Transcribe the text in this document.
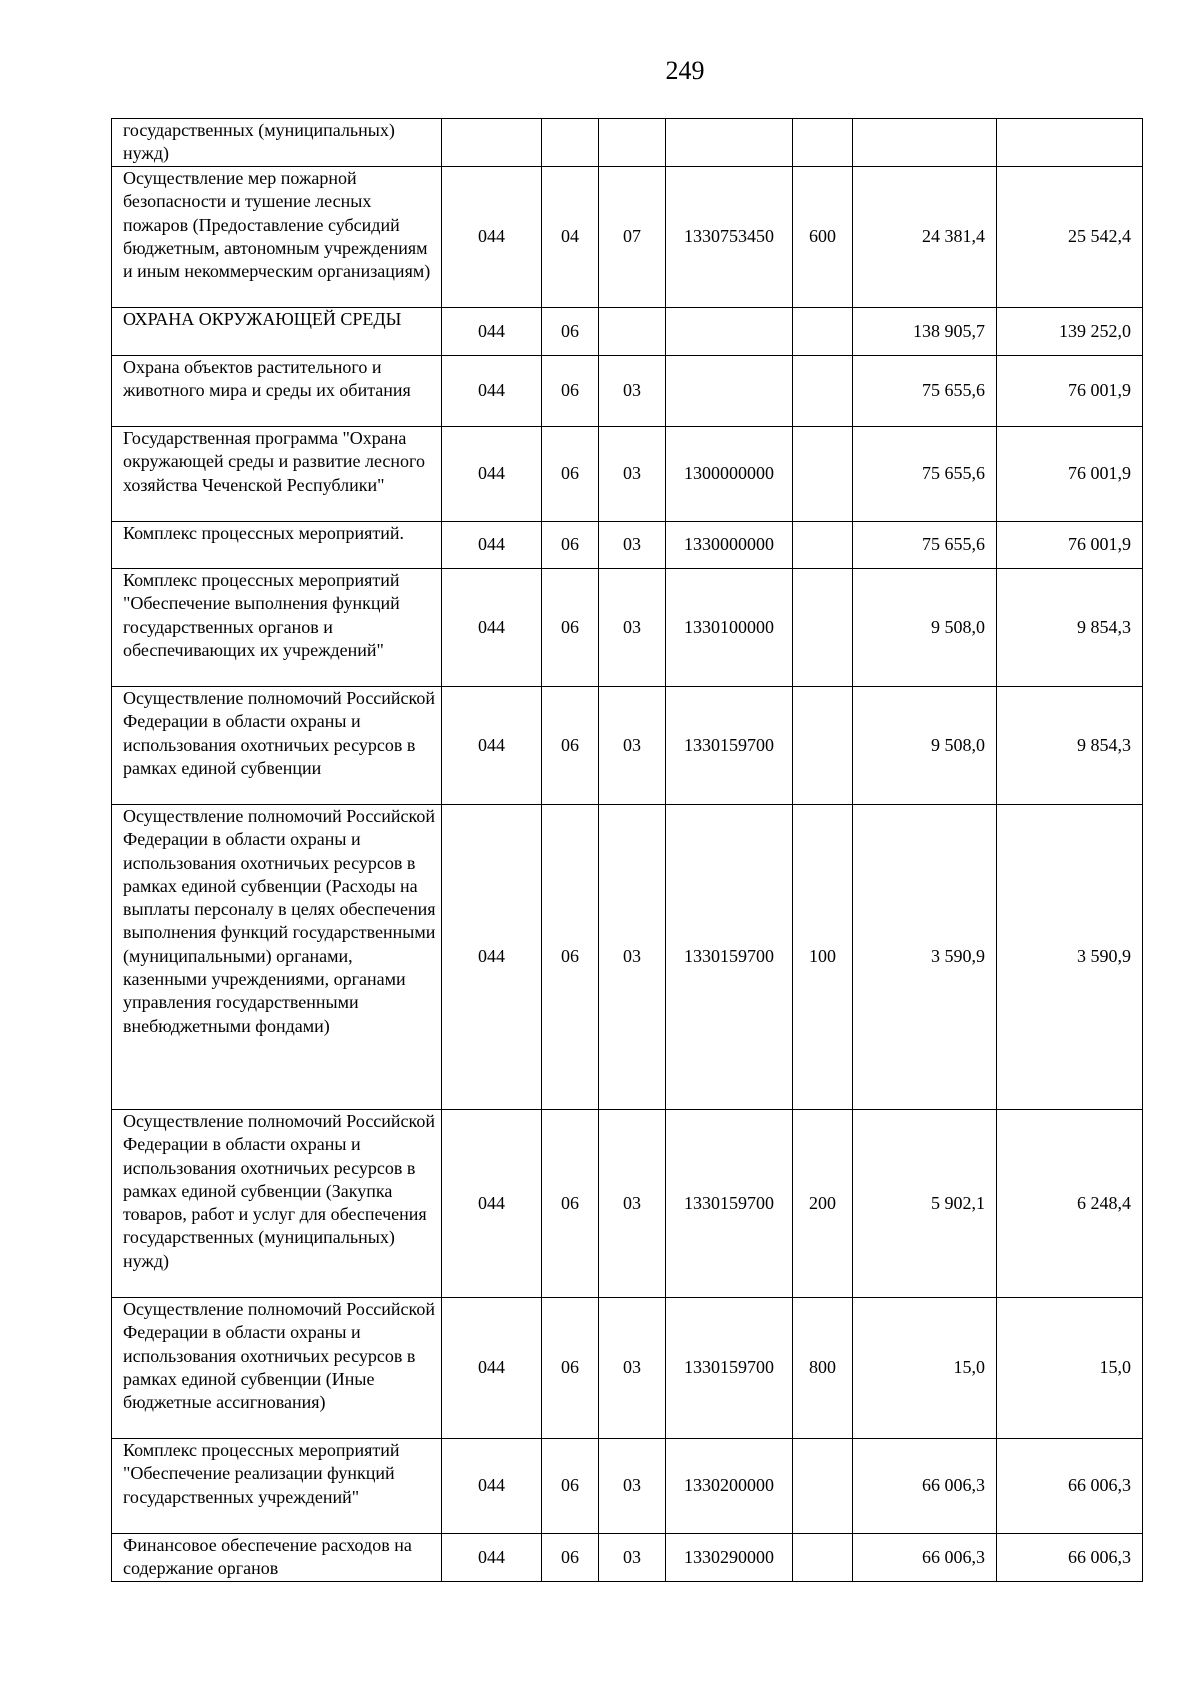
249
государственных (муниципальных) нужд)							
Осуществление мер пожарной безопасности и тушение лесных пожаров (Предоставление субсидий бюджетным, автономным учреждениям и иным некоммерческим организациям)	044	04	07	1330753450	600	24 381,4	25 542,4
ОХРАНА ОКРУЖАЮЩЕЙ СРЕДЫ	044	06				138 905,7	139 252,0
Охрана объектов растительного и животного мира и среды их обитания	044	06	03			75 655,6	76 001,9
Государственная программа "Охрана окружающей среды и развитие лесного хозяйства Чеченской Республики"	044	06	03	1300000000		75 655,6	76 001,9
Комплекс процессных мероприятий.	044	06	03	1330000000		75 655,6	76 001,9
Комплекс процессных мероприятий "Обеспечение выполнения функций государственных органов и обеспечивающих их учреждений"	044	06	03	1330100000		9 508,0	9 854,3
Осуществление полномочий Российской Федерации в области охраны и использования охотничьих ресурсов в рамках единой субвенции	044	06	03	1330159700		9 508,0	9 854,3
Осуществление полномочий Российской Федерации в области охраны и использования охотничьих ресурсов в рамках единой субвенции (Расходы на выплаты персоналу в целях обеспечения выполнения функций государственными (муниципальными) органами, казенными учреждениями, органами управления государственными внебюджетными фондами)	044	06	03	1330159700	100	3 590,9	3 590,9
Осуществление полномочий Российской Федерации в области охраны и использования охотничьих ресурсов в рамках единой субвенции (Закупка товаров, работ и услуг для обеспечения государственных (муниципальных) нужд)	044	06	03	1330159700	200	5 902,1	6 248,4
Осуществление полномочий Российской Федерации в области охраны и использования охотничьих ресурсов в рамках единой субвенции (Иные бюджетные ассигнования)	044	06	03	1330159700	800	15,0	15,0
Комплекс процессных мероприятий "Обеспечение реализации функций государственных учреждений"	044	06	03	1330200000		66 006,3	66 006,3
Финансовое обеспечение расходов на содержание органов	044	06	03	1330290000		66 006,3	66 006,3
